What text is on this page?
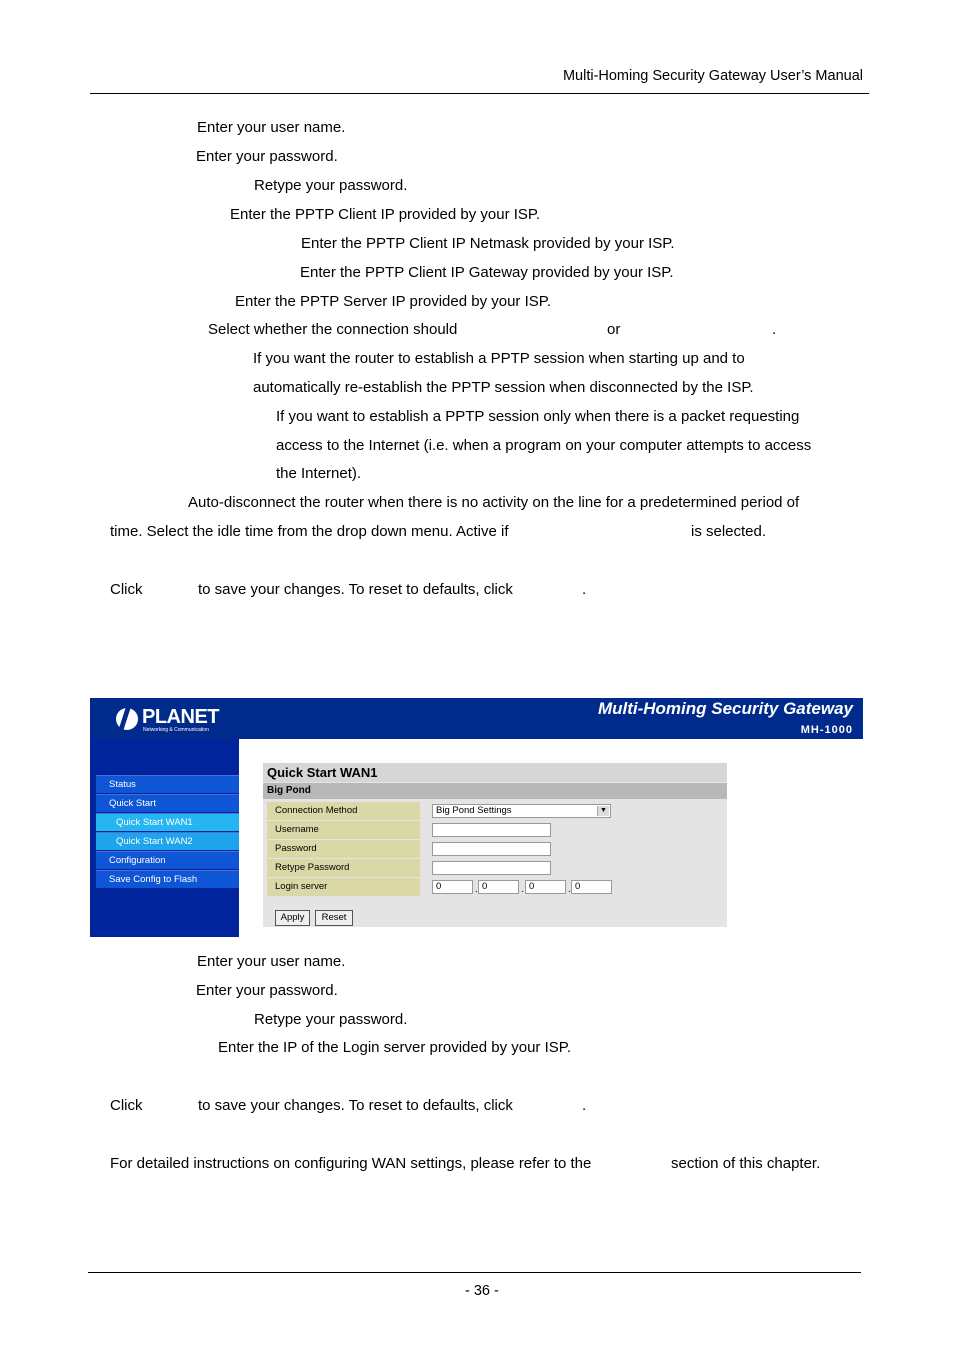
Multi-Homing Security Gateway User’s Manual
Enter your user name.
Enter your password.
Retype your password.
Enter the PPTP Client IP provided by your ISP.
Enter the PPTP Client IP Netmask provided by your ISP.
Enter the PPTP Client IP Gateway provided by your ISP.
Enter the PPTP Server IP provided by your ISP.
Select whether the connection should	or	.
If you want the router to establish a PPTP session when starting up and to
automatically re-establish the PPTP session when disconnected by the ISP.
If you want to establish a PPTP session only when there is a packet requesting
access to the Internet (i.e. when a program on your computer attempts to access
the Internet).
Auto-disconnect the router when there is no activity on the line for a predetermined period of
time. Select the idle time from the drop down menu. Active if	is selected.
Click	to save your changes. To reset to defaults, click	.
PLANET
Networking & Communication
Multi-Homing Security Gateway
MH-1000
Status
Quick Start
Quick Start WAN1
Quick Start WAN2
Configuration
Save Config to Flash
Quick Start WAN1
Big Pond
Connection Method	Big Pond Settings	▼
Username
Password
Retype Password
Login server	0	. 0	. 0	. 0
Apply	Reset
Enter your user name.
Enter your password.
Retype your password.
Enter the IP of the Login server provided by your ISP.
Click	to save your changes. To reset to defaults, click	.
For detailed instructions on configuring WAN settings, please refer to the	section of this chapter.
- 36 -
